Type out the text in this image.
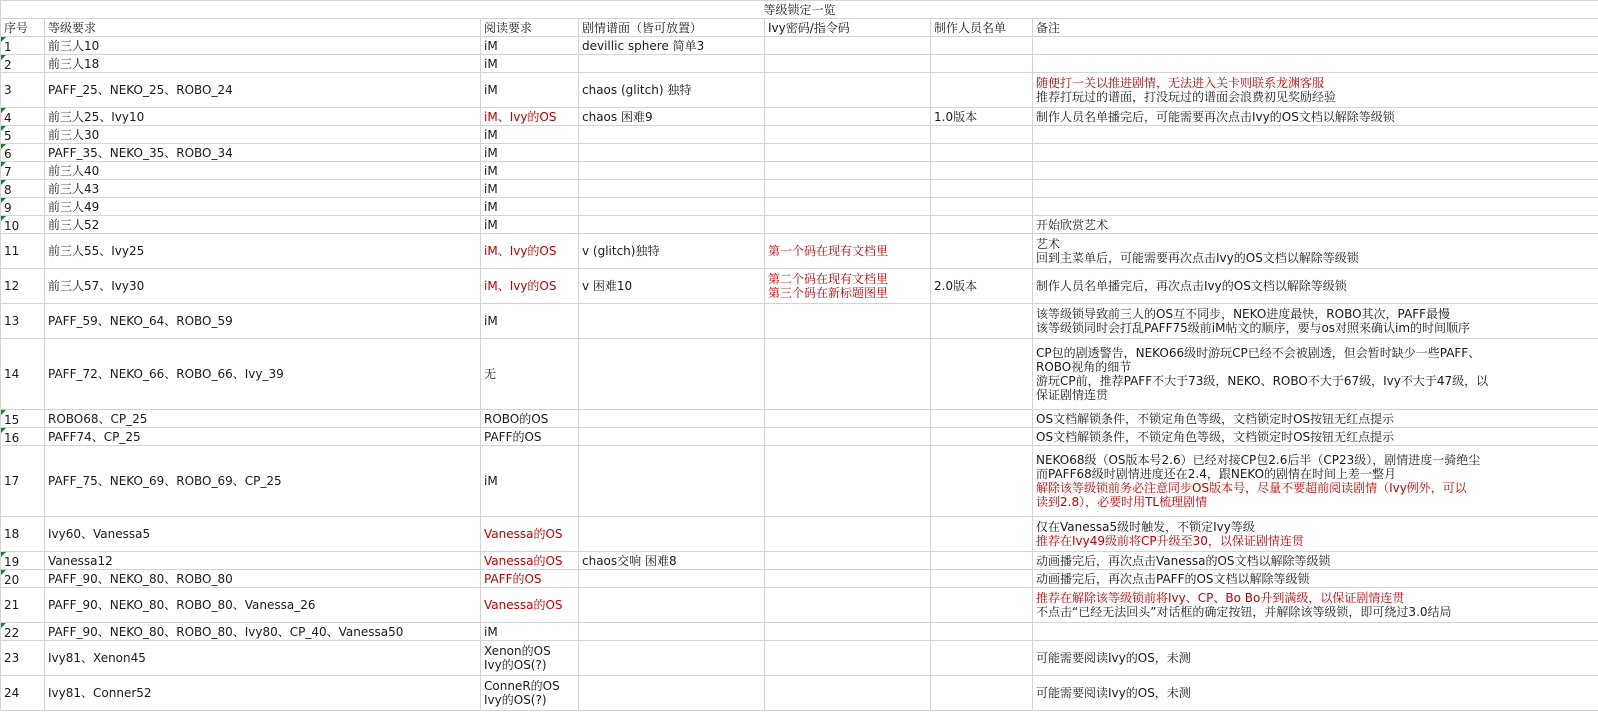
等级锁定一览						
序号	等级要求	阅读要求	剧情谱面（皆可放置）	Ivy密码/指令码	制作人员名单	备注

1	前三人10	iM	devillic sphere 简单3			

2	前三人18	iM				

3	PAFF_25、NEKO_25、ROBO_24	iM	chaos (glitch) 独特			随便打一关以推进剧情，无法进入关卡则联系龙渊客服
推荐打玩过的谱面，打没玩过的谱面会浪费初见奖励经验

4	前三人25、Ivy10	iM、Ivy的OS	chaos 困难9		1.0版本	制作人员名单播完后，可能需要再次点击Ivy的OS文档以解除等级锁

5	前三人30	iM				

6	PAFF_35、NEKO_35、ROBO_34	iM				

7	前三人40	iM				

8	前三人43	iM				

9	前三人49	iM				

10	前三人52	iM				开始欣赏艺术

11	前三人55、Ivy25	iM、Ivy的OS	v (glitch)独特	第一个码在现有文档里		艺术
回到主菜单后，可能需要再次点击Ivy的OS文档以解除等级锁

12	前三人57、Ivy30	iM、Ivy的OS	v 困难10	第二个码在现有文档里
第三个码在新标题图里	2.0版本	制作人员名单播完后，再次点击Ivy的OS文档以解除等级锁

13	PAFF_59、NEKO_64、ROBO_59	iM				该等级锁导致前三人的OS互不同步，NEKO进度最快，ROBO其次，PAFF最慢
该等级锁同时会打乱PAFF75级前iM帖文的顺序，要与os对照来确认im的时间顺序

14	PAFF_72、NEKO_66、ROBO_66、Ivy_39	无				CP包的剧透警告，NEKO66级时游玩CP已经不会被剧透，但会暂时缺少一些PAFF、
ROBO视角的细节
游玩CP前，推荐PAFF不大于73级，NEKO、ROBO不大于67级，Ivy不大于47级，以
保证剧情连贯

15	ROBO68、CP_25	ROBO的OS				OS文档解锁条件，不锁定角色等级，文档锁定时OS按钮无红点提示

16	PAFF74、CP_25	PAFF的OS				OS文档解锁条件，不锁定角色等级，文档锁定时OS按钮无红点提示

17	PAFF_75、NEKO_69、ROBO_69、CP_25	iM				NEKO68级（OS版本号2.6）已经对接CP包2.6后半（CP23级），剧情进度一骑绝尘
而PAFF68级时剧情进度还在2.4，跟NEKO的剧情在时间上差一整月
解除该等级锁前务必注意同步OS版本号，尽量不要超前阅读剧情（Ivy例外，可以
读到2.8），必要时用TL梳理剧情

18	Ivy60、Vanessa5	Vanessa的OS				仅在Vanessa5级时触发，不锁定Ivy等级
推荐在Ivy49级前将CP升级至30，以保证剧情连贯

19	Vanessa12	Vanessa的OS	chaos交响 困难8			动画播完后，再次点击Vanessa的OS文档以解除等级锁

20	PAFF_90、NEKO_80、ROBO_80	PAFF的OS				动画播完后，再次点击PAFF的OS文档以解除等级锁

21	PAFF_90、NEKO_80、ROBO_80、Vanessa_26	Vanessa的OS				推荐在解除该等级锁前将Ivy、CP、Bo Bo升到满级，以保证剧情连贯
不点击“已经无法回头”对话框的确定按钮，并解除该等级锁，即可绕过3.0结局

22	PAFF_90、NEKO_80、ROBO_80、Ivy80、CP_40、Vanessa50	iM				

23	Ivy81、Xenon45	Xenon的OS
Ivy的OS(?)				可能需要阅读Ivy的OS，未测

24	Ivy81、Conner52	ConneR的OS
Ivy的OS(?)				可能需要阅读Ivy的OS，未测
